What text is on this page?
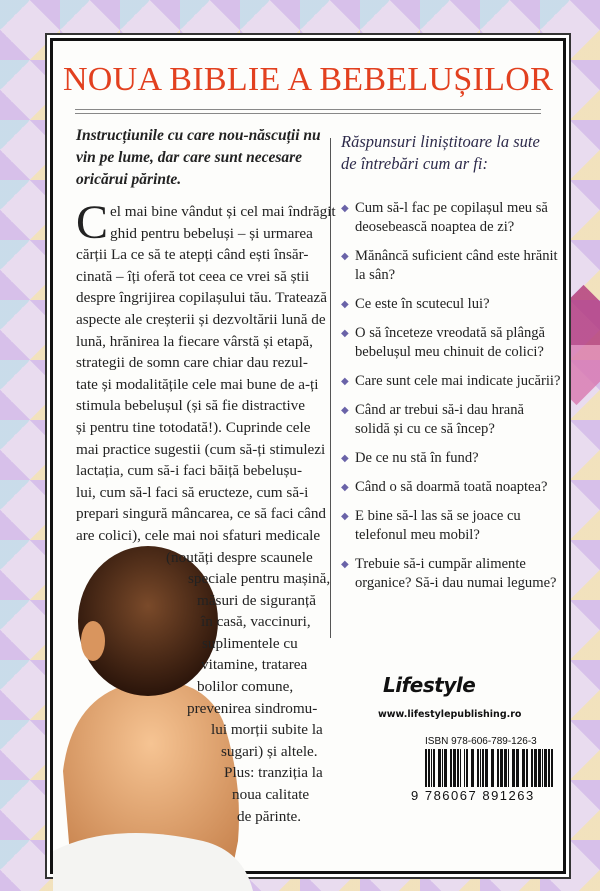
NOUA BIBLIE A BEBELUȘILOR
Instrucțiunile cu care nou-născuții nu vin pe lume, dar care sunt necesare oricărui părinte.
C el mai bine vândut și cel mai îndrăgit
ghid pentru bebeluși – și urmarea
cărții La ce să te atepți când ești însăr-
cinată – îți oferă tot ceea ce vrei să știi
despre îngrijirea copilașului tău. Tratează
aspecte ale creșterii și dezvoltării lună de
lună, hrănirea la fiecare vârstă și etapă,
strategii de somn care chiar dau rezul-
tate și modalitățile cele mai bune de a-ți
stimula bebelușul (și să fie distractive
și pentru tine totodată!). Cuprinde cele
mai practice sugestii (cum să-ți stimulezi
lactația, cum să-i faci băiță bebelușu-
lui, cum să-l faci să eructeze, cum să-i
prepari singură mâncarea, ce să faci când
are colici), cele mai noi sfaturi medicale
(noutăți despre scaunele
speciale pentru mașină,
măsuri de siguranță
în casă, vaccinuri,
suplimentele cu
vitamine, tratarea
bolilor comune,
prevenirea sindromu-
lui morții subite la
sugari) și altele.
Plus: tranziția la
noua calitate
de părinte.
Răspunsuri liniștitoare la sute de întrebări cum ar fi:
◆ Cum să-l fac pe copilașul meu să deosebească noaptea de zi?
◆ Mănâncă suficient când este hrănit la sân?
◆ Ce este în scutecul lui?
◆ O să înceteze vreodată să plângă bebelușul meu chinuit de colici?
◆ Care sunt cele mai indicate jucării?
◆ Când ar trebui să-i dau hrană solidă și cu ce să încep?
◆ De ce nu stă în fund?
◆ Când o să doarmă toată noaptea?
◆ E bine să-l las să se joace cu telefonul meu mobil?
◆ Trebuie să-i cumpăr alimente organice? Să-i dau numai legume?
Lifestyle
www.lifestylepublishing.ro
ISBN 978-606-789-126-3
9 786067 891263
